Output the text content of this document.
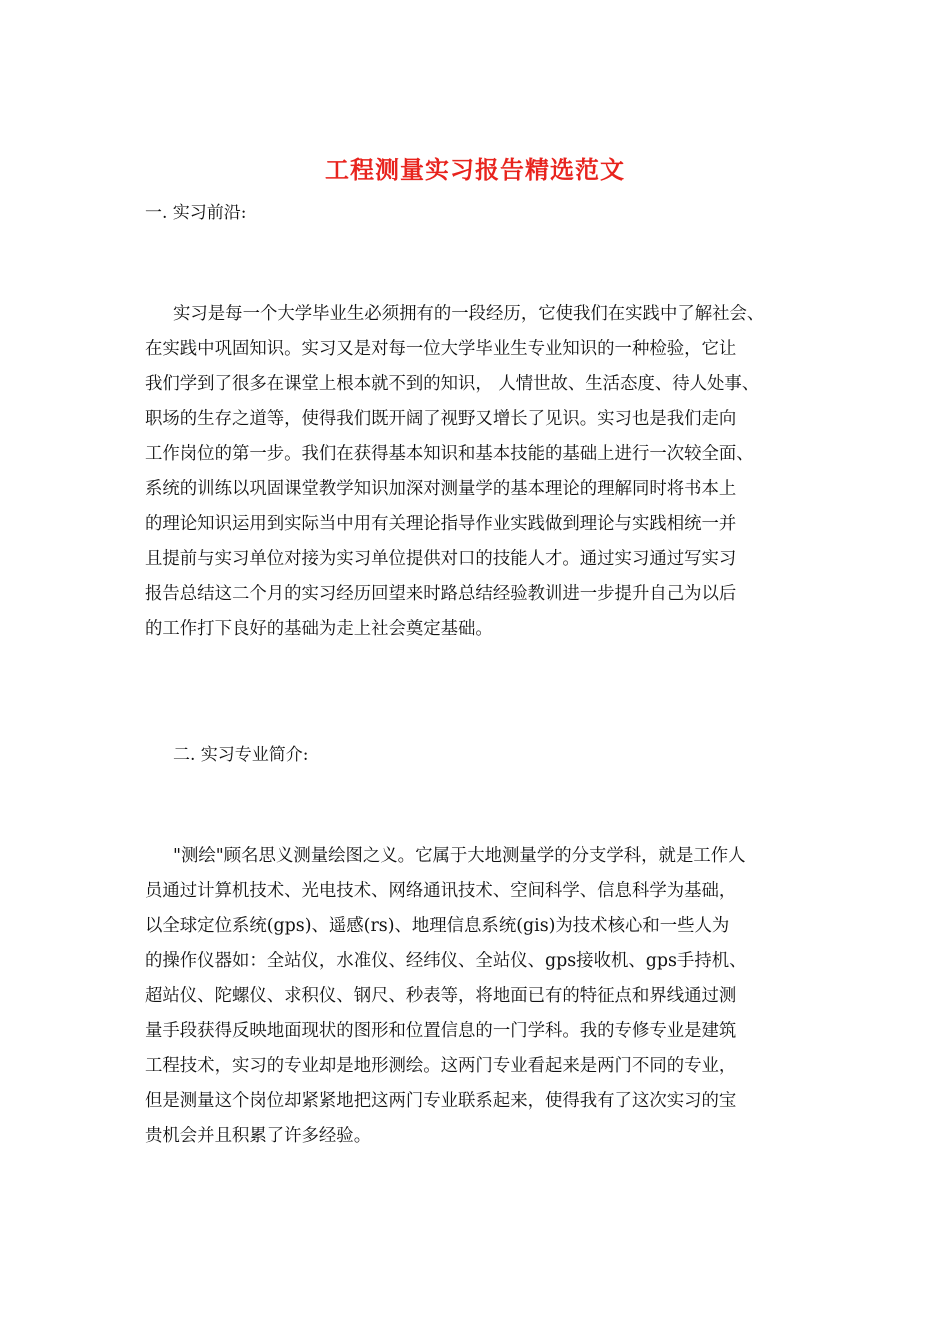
工程测量实习报告精选范文
一. 实习前沿:
实习是每一个大学毕业生必须拥有的一段经历，它使我们在实践中了解社会、
在实践中巩固知识。实习又是对每一位大学毕业生专业知识的一种检验，它让
我们学到了很多在课堂上根本就不到的知识， 人情世故、生活态度、待人处事、
职场的生存之道等，使得我们既开阔了视野又增长了见识。实习也是我们走向
工作岗位的第一步。我们在获得基本知识和基本技能的基础上进行一次较全面、
系统的训练以巩固课堂教学知识加深对测量学的基本理论的理解同时将书本上
的理论知识运用到实际当中用有关理论指导作业实践做到理论与实践相统一并
且提前与实习单位对接为实习单位提供对口的技能人才。通过实习通过写实习
报告总结这二个月的实习经历回望来时路总结经验教训进一步提升自己为以后
的工作打下良好的基础为走上社会奠定基础。
二. 实习专业简介:
"测绘"顾名思义测量绘图之义。它属于大地测量学的分支学科，就是工作人
员通过计算机技术、光电技术、网络通讯技术、空间科学、信息科学为基础，
以全球定位系统(gps)、遥感(rs)、地理信息系统(gis)为技术核心和一些人为
的操作仪器如：全站仪，水准仪、经纬仪、全站仪、gps接收机、gps手持机、
超站仪、陀螺仪、求积仪、钢尺、秒表等，将地面已有的特征点和界线通过测
量手段获得反映地面现状的图形和位置信息的一门学科。我的专修专业是建筑
工程技术，实习的专业却是地形测绘。这两门专业看起来是两门不同的专业，
但是测量这个岗位却紧紧地把这两门专业联系起来，使得我有了这次实习的宝
贵机会并且积累了许多经验。
